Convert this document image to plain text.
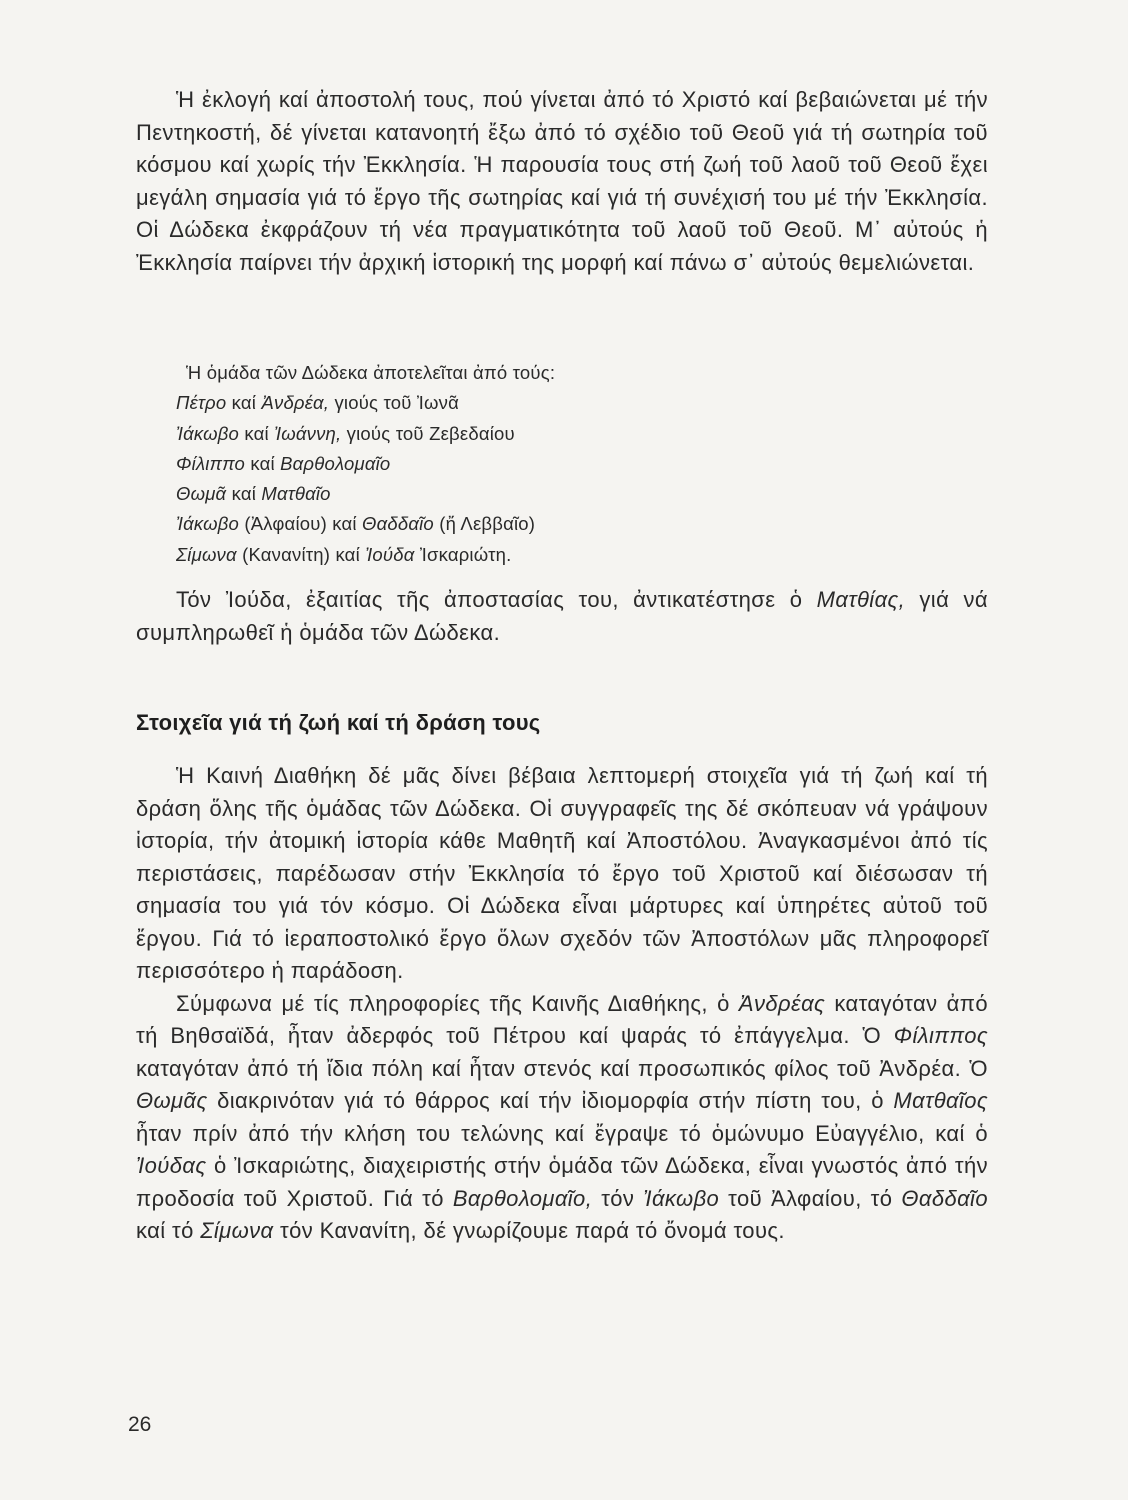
Ἡ ἐκλογή καί ἀποστολή τους, πού γίνεται ἀπό τό Χριστό καί βεβαιώνεται μέ τήν Πεντηκοστή, δέ γίνεται κατανοητή ἔξω ἀπό τό σχέδιο τοῦ Θεοῦ γιά τή σωτηρία τοῦ κόσμου καί χωρίς τήν Ἐκκλησία. Ἡ παρουσία τους στή ζωή τοῦ λαοῦ τοῦ Θεοῦ ἔχει μεγάλη σημασία γιά τό ἔργο τῆς σωτηρίας καί γιά τή συνέχισή του μέ τήν Ἐκκλησία. Οἱ Δώδεκα ἐκφράζουν τή νέα πραγματικότητα τοῦ λαοῦ τοῦ Θεοῦ. Μ᾽ αὐτούς ἡ Ἐκκλησία παίρνει τήν ἀρχική ἱστορική της μορφή καί πάνω σ᾽ αὐτούς θεμελιώνεται.

Ἡ ὁμάδα τῶν Δώδεκα ἀποτελεῖται ἀπό τούς:

Πέτρο καί Ἀνδρέα, γιούς τοῦ Ἰωνᾶ

Ἰάκωβο καί Ἰωάννη, γιούς τοῦ Ζεβεδαίου

Φίλιππο καί Βαρθολομαῖο

Θωμᾶ καί Ματθαῖο

Ἰάκωβο (Ἀλφαίου) καί Θαδδαῖο (ἤ Λεββαῖο)

Σίμωνα (Κανανίτη) καί Ἰούδα Ἰσκαριώτη.

Τόν Ἰούδα, ἐξαιτίας τῆς ἀποστασίας του, ἀντικατέστησε ὁ Ματθίας, γιά νά συμπληρωθεῖ ἡ ὁμάδα τῶν Δώδεκα.

Στοιχεῖα γιά τή ζωή καί τή δράση τους

Ἡ Καινή Διαθήκη δέ μᾶς δίνει βέβαια λεπτομερή στοιχεῖα γιά τή ζωή καί τή δράση ὅλης τῆς ὁμάδας τῶν Δώδεκα. Οἱ συγγραφεῖς της δέ σκόπευαν νά γράψουν ἱστορία, τήν ἀτομική ἱστορία κάθε Μαθητῆ καί Ἀποστόλου. Ἀναγκασμένοι ἀπό τίς περιστάσεις, παρέδωσαν στήν Ἐκκλησία τό ἔργο τοῦ Χριστοῦ καί διέσωσαν τή σημασία του γιά τόν κόσμο. Οἱ Δώδεκα εἶναι μάρτυρες καί ὑπηρέτες αὐτοῦ τοῦ ἔργου. Γιά τό ἱεραποστολικό ἔργο ὅλων σχεδόν τῶν Ἀποστόλων μᾶς πληροφορεῖ περισσότερο ἡ παράδοση.

Σύμφωνα μέ τίς πληροφορίες τῆς Καινῆς Διαθήκης, ὁ Ἀνδρέας καταγόταν ἀπό τή Βηθσαϊδά, ἦταν ἀδερφός τοῦ Πέτρου καί ψαράς τό ἐπάγγελμα. Ὁ Φίλιππος καταγόταν ἀπό τή ἴδια πόλη καί ἦταν στενός καί προσωπικός φίλος τοῦ Ἀνδρέα. Ὁ Θωμᾶς διακρινόταν γιά τό θάρρος καί τήν ἰδιομορφία στήν πίστη του, ὁ Ματθαῖος ἦταν πρίν ἀπό τήν κλήση του τελώνης καί ἔγραψε τό ὁμώνυμο Εὐαγγέλιο, καί ὁ Ἰούδας ὁ Ἰσκαριώτης, διαχειριστής στήν ὁμάδα τῶν Δώδεκα, εἶναι γνωστός ἀπό τήν προδοσία τοῦ Χριστοῦ. Γιά τό Βαρθολομαῖο, τόν Ἰάκωβο τοῦ Ἀλφαίου, τό Θαδδαῖο καί τό Σίμωνα τόν Κανανίτη, δέ γνωρίζουμε παρά τό ὄνομά τους.

26
